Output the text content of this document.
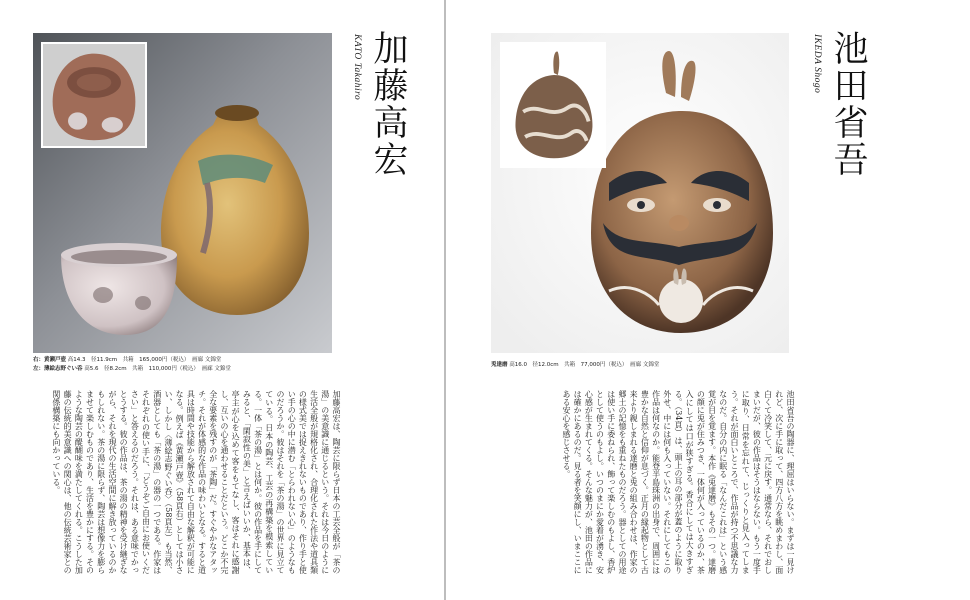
右：黄瀬戸壺 高14.3　径11.9cm　共箱　165,000円（税込）　画廊 文錦堂
左：薄絵志野ぐい呑 高5.6　径8.2cm　共箱　110,000円（税込）　画廊 文錦堂
加藤高宏
KATO Takahiro
加藤高宏は、陶芸に限らず日本の工芸全般が「茶の湯」の美意識に通じるという。それは今日のように生活全般が規格化され、合理化された作法や道具類の様式美では捉えきれないものであり、作り手と使い手の心の中に潜む「とらわれない心」のようなものだろうか。彼はそれを「茶の湯」の世界に見立てている。日本の陶芸、工芸の再構築を模索している。一体「茶の湯」とは何か。彼の作品を手にしてみると、「閑寂性の美」と言えばいいか、基本は、亭主が心を込めて客をもてなし、客はそれに感謝し、互いの心を通わせることだという。どこか不完全な要素を残すのが「茶陶」だ。すぐやかなアタッチ。それが体感的な作品の味わいとなる。すると道具は時間や技能から解放されて自由な解釈が可能になる。例えば《黄瀬戸壺》（58頁右）としては小さい、しかし〈薄絵志野ぐい呑〉（58頁左）も当然、酒器としても「茶の湯」の器の一つである。作家はそれぞれの使い手に、「どうぞご自由にお使いください」と答えるのだろう。それは、ある意味でかっとうする。彼の作品は、茶の湯の精神を受け継ぎながら、それを現代の生活空間に解き放っているのかもしれない。茶の湯に限らず、陶芸は想像力を膨らませて楽しむものであり、生活を豊かにする。そのような陶芸の醍醐味を満たしてくれる。こうした加藤の伝統的美意識への関心は、他の伝統芸術家との関係構築にも向かっている。
兎達磨 高16.0　径12.0cm　共箱　77,000円（税込）　画廊 文錦堂
池田省吾
IKEDA Shogo
池田省吾の陶器に、理屈はいらない。まずは一見けれど、次に手に取って、四方八方を眺めまわし、面白くて冷笑して、元に戻す。通常なら、それでおしまいだが、彼の作品はそうはならない。もう一度手に取り、日常を忘れて、じっくりと見入ってしまう。それが面白いところで、作品が持つ不思議な力なのだ。自分の内に眠る「なんだこれは」という感覚が目を覚ます。本作《兎達磨》もその一つ。達磨の顔に兎が住みつき、一体何が入っているのか、茶入にしては口が狭すぎる。香合にしては大きすぎる。（34頁）は、頭上の耳の部分が蓋のように取り外せ、中には何も入っていない。それにしてもこの作品は何なのか。能登半島珠洲の出身で、周囲には豊かな自然と信仰が息づく。正月の縁起物として古来より親しまれる達磨と兎の組み合わせは、作家の郷土の記憶をも重ねたものだろう。器としての用途は使い手に委ねられ、飾って楽しむのもよし、香炉として使うのもよし。いつのまにか愛着が湧き、安心感が生まれてくる。そんな魅力が、池田の作品には確かにあるのだ。見る者を笑顔にし、いまここにある安心を感じさせる。
